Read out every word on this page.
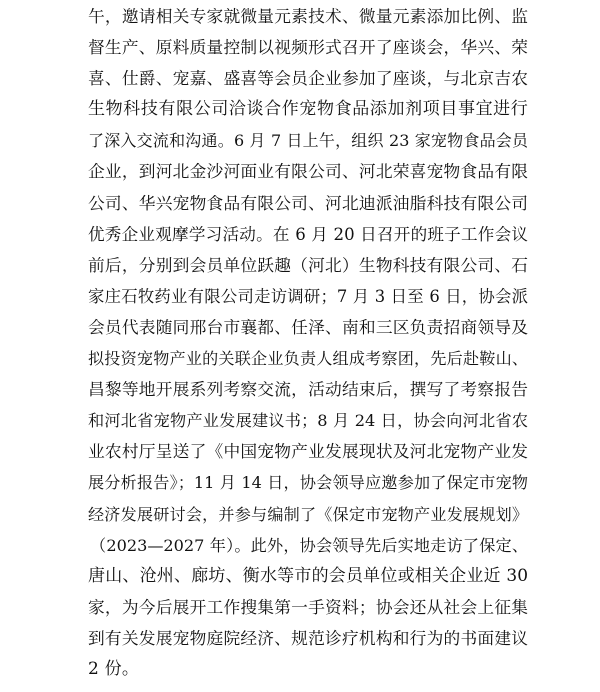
午，邀请相关专家就微量元素技术、微量元素添加比例、监
督生产、原料质量控制以视频形式召开了座谈会，华兴、荣
喜、仕爵、宠嘉、盛喜等会员企业参加了座谈，与北京吉农
生物科技有限公司洽谈合作宠物食品添加剂项目事宜进行
了深入交流和沟通。6 月 7 日上午，组织 23 家宠物食品会员
企业，到河北金沙河面业有限公司、河北荣喜宠物食品有限
公司、华兴宠物食品有限公司、河北迪派油脂科技有限公司
优秀企业观摩学习活动。在 6 月 20 日召开的班子工作会议
前后，分别到会员单位跃趣（河北）生物科技有限公司、石
家庄石牧药业有限公司走访调研；7 月 3 日至 6 日，协会派
会员代表随同邢台市襄都、任泽、南和三区负责招商领导及
拟投资宠物产业的关联企业负责人组成考察团，先后赴鞍山、
昌黎等地开展系列考察交流，活动结束后，撰写了考察报告
和河北省宠物产业发展建议书；8 月 24 日，协会向河北省农
业农村厅呈送了《中国宠物产业发展现状及河北宠物产业发
展分析报告》；11 月 14 日，协会领导应邀参加了保定市宠物
经济发展研讨会，并参与编制了《保定市宠物产业发展规划》
（2023—2027 年）。此外，协会领导先后实地走访了保定、
唐山、沧州、廊坊、衡水等市的会员单位或相关企业近 30
家，为今后展开工作搜集第一手资料；协会还从社会上征集
到有关发展宠物庭院经济、规范诊疗机构和行为的书面建议
2 份。
